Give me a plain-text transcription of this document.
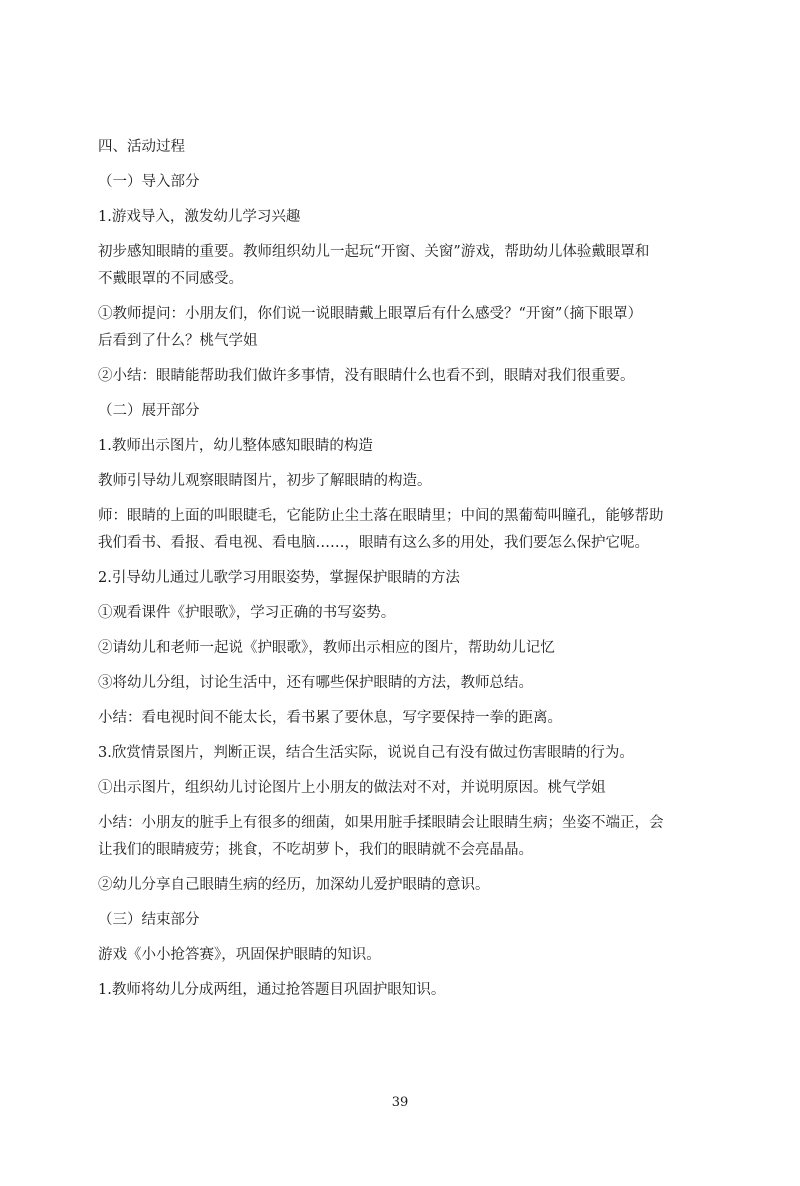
四、活动过程
（一）导入部分
1.游戏导入，激发幼儿学习兴趣
初步感知眼睛的重要。教师组织幼儿一起玩“开窗、关窗”游戏，帮助幼儿体验戴眼罩和
不戴眼罩的不同感受。
①教师提问：小朋友们，你们说一说眼睛戴上眼罩后有什么感受？“开窗”（摘下眼罩）
后看到了什么？桃气学姐
②小结：眼睛能帮助我们做许多事情，没有眼睛什么也看不到，眼睛对我们很重要。
（二）展开部分
1.教师出示图片，幼儿整体感知眼睛的构造
教师引导幼儿观察眼睛图片，初步了解眼睛的构造。
师：眼睛的上面的叫眼睫毛，它能防止尘土落在眼睛里；中间的黑葡萄叫瞳孔，能够帮助
我们看书、看报、看电视、看电脑……，眼睛有这么多的用处，我们要怎么保护它呢。
2.引导幼儿通过儿歌学习用眼姿势，掌握保护眼睛的方法
①观看课件《护眼歌》，学习正确的书写姿势。
②请幼儿和老师一起说《护眼歌》，教师出示相应的图片，帮助幼儿记忆
③将幼儿分组，讨论生活中，还有哪些保护眼睛的方法，教师总结。
小结：看电视时间不能太长，看书累了要休息，写字要保持一拳的距离。
3.欣赏情景图片，判断正误，结合生活实际，说说自己有没有做过伤害眼睛的行为。
①出示图片，组织幼儿讨论图片上小朋友的做法对不对，并说明原因。桃气学姐
小结：小朋友的脏手上有很多的细菌，如果用脏手揉眼睛会让眼睛生病；坐姿不端正，会
让我们的眼睛疲劳；挑食，不吃胡萝卜，我们的眼睛就不会亮晶晶。
②幼儿分享自己眼睛生病的经历，加深幼儿爱护眼睛的意识。
（三）结束部分
游戏《小小抢答赛》，巩固保护眼睛的知识。
1.教师将幼儿分成两组，通过抢答题目巩固护眼知识。
39
